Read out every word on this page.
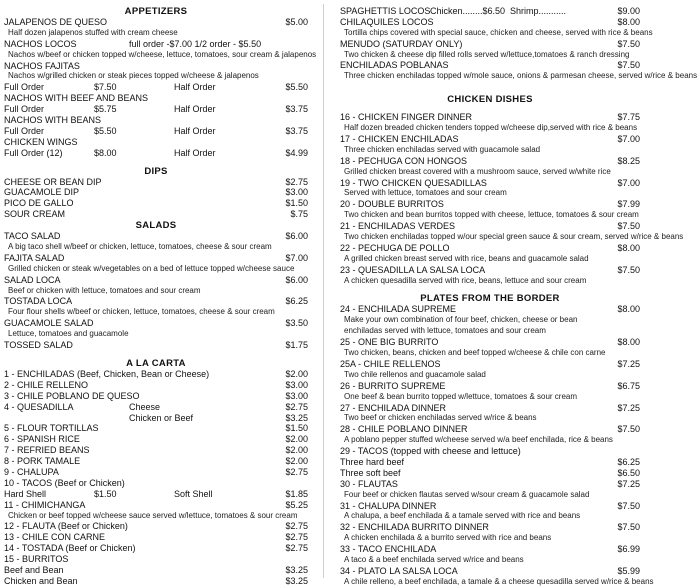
APPETIZERS
JALAPENOS DE QUESO	$5.00
Half dozen jalapenos stuffed with cream cheese
NACHOS LOCOS	full order -$7.00 1/2 order - $5.50
Nachos w/beef or chicken topped w/cheese, lettuce, tomatoes, sour cream & jalapenos
NACHOS FAJITAS
Nachos w/grilled chicken or steak pieces topped w/cheese & jalapenos
Full Order	$7.50	Half Order	$5.50
NACHOS WITH BEEF AND BEANS
Full Order	$5.75	Half Order	$3.75
NACHOS WITH BEANS
Full Order	$5.50	Half Order	$3.75
CHICKEN WINGS
Full Order (12)	$8.00	Half Order	$4.99
DIPS
CHEESE OR BEAN DIP	$2.75
GUACAMOLE DIP	$3.00
PICO DE GALLO	$1.50
SOUR CREAM	$.75
SALADS
TACO SALAD	$6.00
A big taco shell w/beef or chicken, lettuce, tomatoes, cheese & sour cream
FAJITA SALAD	$7.00
Grilled chicken or steak w/vegetables on a bed of lettuce topped w/cheese sauce
SALAD LOCA	$6.00
Beef or chicken with lettuce, tomatoes and sour cream
TOSTADA LOCA	$6.25
Four flour shells w/beef or chicken, lettuce, tomatoes, cheese & sour cream
GUACAMOLE SALAD	$3.50
Lettuce, tomatoes and guacamole
TOSSED SALAD	$1.75
A LA CARTA
1 - ENCHILADAS (Beef, Chicken, Bean or Cheese)	$2.00
2 - CHILE RELLENO	$3.00
3 - CHILE POBLANO DE QUESO	$3.00
4 - QUESADILLA	Cheese	$2.75
Chicken or Beef	$3.25
5 - FLOUR TORTILLAS	$1.50
6 - SPANISH RICE	$2.00
7 - REFRIED BEANS	$2.00
8 - PORK TAMALE	$2.00
9 - CHALUPA	$2.75
10 - TACOS (Beef or Chicken)
Hard Shell	$1.50	Soft Shell	$1.85
11 - CHIMICHANGA	$5.25
Chicken or beef topped w/cheese sauce served w/lettuce, tomatoes & sour cream
12 - FLAUTA (Beef or Chicken)	$2.75
13 - CHILE CON CARNE	$2.75
14 - TOSTADA (Beef or Chicken)	$2.75
15 - BURRITOS
Beef and Bean	$3.25
Chicken and Bean	$3.25
SPAGHETTIS LOCOS Chicken........$6.50 Shrimp...........	$9.00
CHILAQUILES LOCOS	$8.00
Tortilla chips covered with special sauce, chicken and cheese, served with rice & beans
MENUDO (SATURDAY ONLY)	$7.50
Two chicken & cheese dip filled rolls served w/lettuce,tomatoes & ranch dressing
ENCHILADAS POBLANAS	$7.50
Three chicken enchiladas topped w/mole sauce, onions & parmesan cheese, served w/rice & beans
CHICKEN DISHES
16 - CHICKEN FINGER DINNER	$7.75
Half dozen breaded chicken tenders topped w/cheese dip,served with rice & beans
17 - CHICKEN ENCHILADAS	$7.00
Three chicken enchiladas served with guacamole salad
18 - PECHUGA CON HONGOS	$8.25
Grilled chicken breast covered with a mushroom sauce, served w/white rice
19 - TWO CHICKEN QUESADILLAS	$7.00
Served with lettuce, tomatoes and sour cream
20 - DOUBLE BURRITOS	$7.99
Two chicken and bean burritos topped with cheese, lettuce, tomatoes & sour cream
21 - ENCHILADAS VERDES	$7.50
Two chicken enchiladas topped w/our special green sauce & sour cream, served w/rice & beans
22 - PECHUGA DE POLLO	$8.00
A grilled chicken breast served with rice, beans and guacamole salad
23 - QUESADILLA LA SALSA LOCA	$7.50
A chicken quesadilla served with rice, beans, lettuce and sour cream
PLATES FROM THE BORDER
24 - ENCHILADA SUPREME	$8.00
Make your own combination of four beef, chicken, cheese or bean
enchiladas served with lettuce, tomatoes and sour cream
25 - ONE BIG BURRITO	$8.00
Two chicken, beans, chicken and beef topped w/cheese & chile con carne
25A - CHILE RELLENOS	$7.25
Two chile rellenos and guacamole salad
26 - BURRITO SUPREME	$6.75
One beef & bean burrito topped w/lettuce, tomatoes & sour cream
27 - ENCHILADA DINNER	$7.25
Two beef or chicken enchiladas served w/rice & beans
28 - CHILE POBLANO DINNER	$7.50
A poblano pepper stuffed w/cheese served w/a beef enchilada, rice & beans
29 - TACOS (topped with cheese and lettuce)
Three hard beef	$6.25
Three soft beef	$6.50
30 - FLAUTAS	$7.25
Four beef or chicken flautas served w/sour cream & guacamole salad
31 - CHALUPA DINNER	$7.50
A chalupa, a beef enchilada & a tamale served with rice and beans
32 - ENCHILADA BURRITO DINNER	$7.50
A chicken enchilada & a burrito served with rice and beans
33 - TACO ENCHILADA	$6.99
A taco & a beef enchilada served w/rice and beans
34 - PLATO LA SALSA LOCA	$5.99
A chile relleno, a beef enchilada, a tamale & a cheese quesadilla served w/rice & beans
